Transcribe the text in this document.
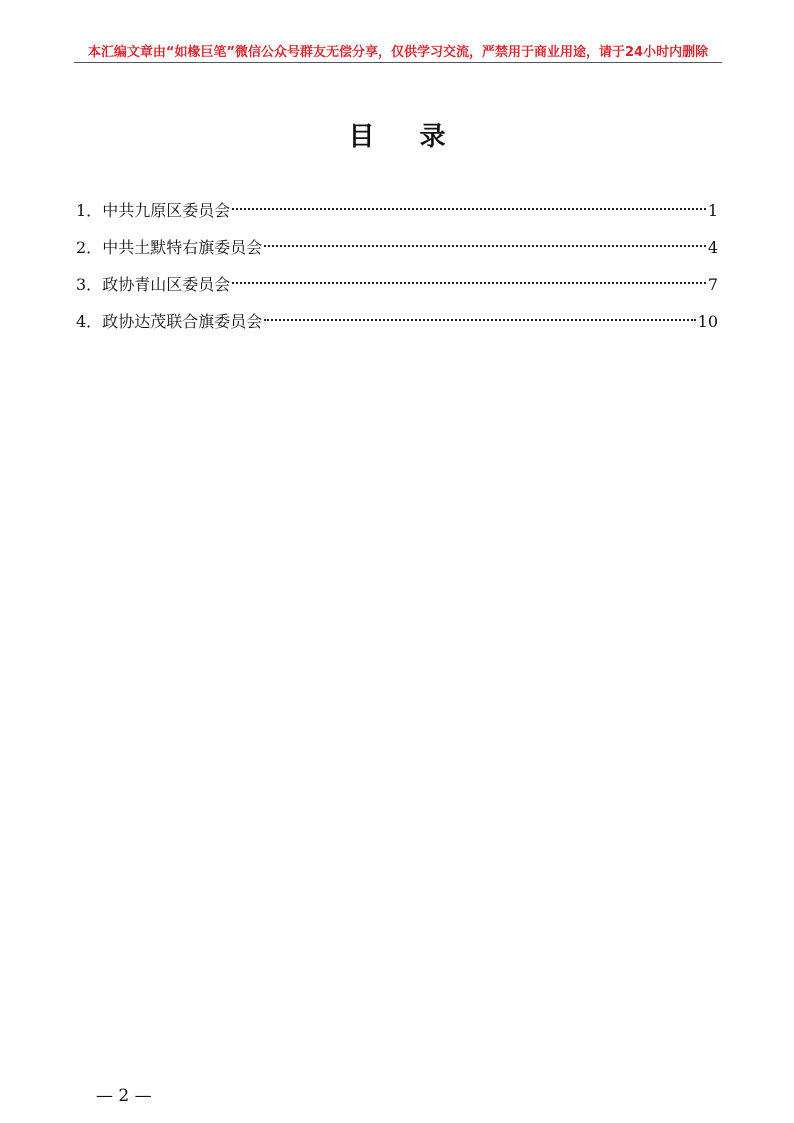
本汇编文章由“如椽巨笔”微信公众号群友无偿分享，仅供学习交流，严禁用于商业用途，请于24小时内删除
目 录
1． 中共九原区委员会	1
2． 中共土默特右旗委员会	4
3． 政协青山区委员会	7
4． 政协达茂联合旗委员会	10
— 2 —
